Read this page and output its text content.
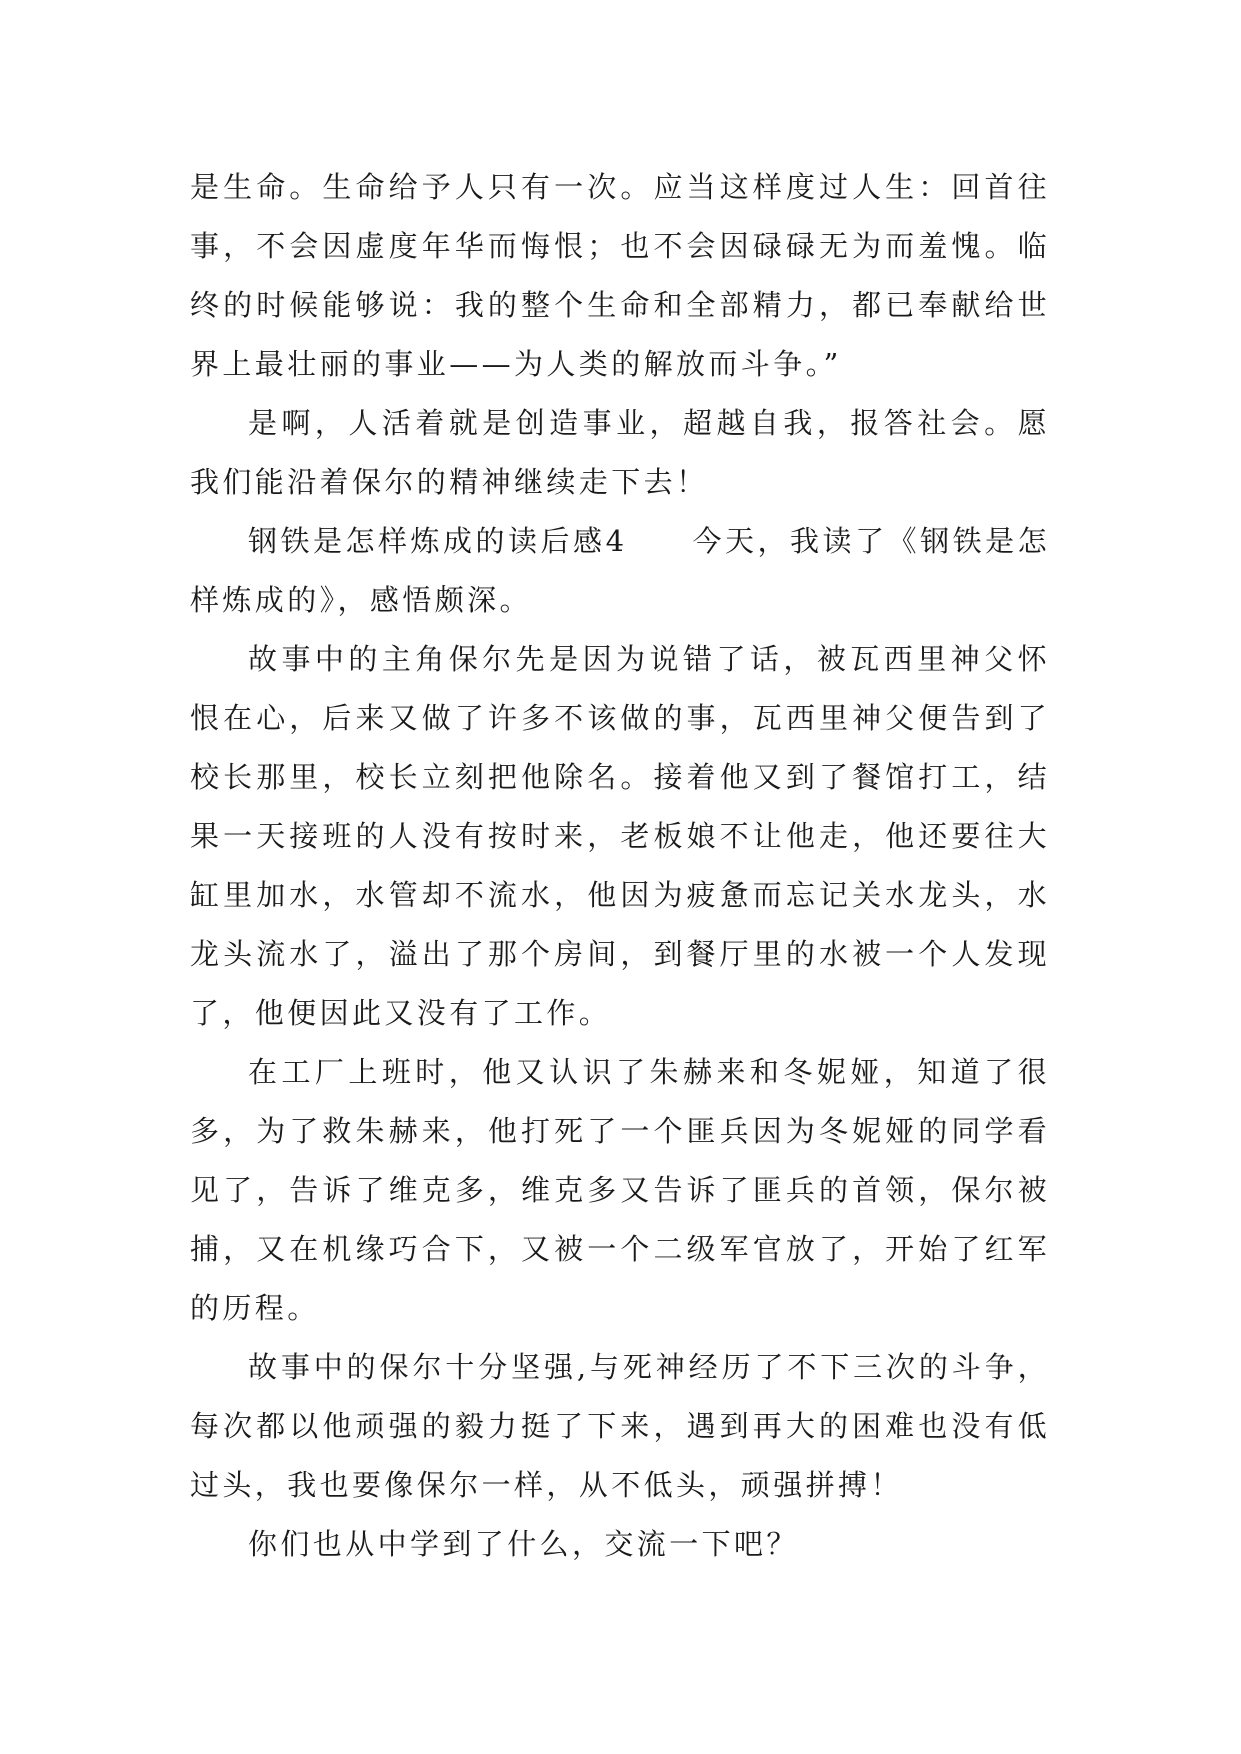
是生命。生命给予人只有一次。应当这样度过人生：回首往事，不会因虚度年华而悔恨；也不会因碌碌无为而羞愧。临终的时候能够说：我的整个生命和全部精力，都已奉献给世界上最壮丽的事业——为人类的解放而斗争。”

是啊，人活着就是创造事业，超越自我，报答社会。愿我们能沿着保尔的精神继续走下去！

钢铁是怎样炼成的读后感4　　今天，我读了《钢铁是怎样炼成的》，感悟颇深。

故事中的主角保尔先是因为说错了话，被瓦西里神父怀恨在心，后来又做了许多不该做的事，瓦西里神父便告到了校长那里，校长立刻把他除名。接着他又到了餐馆打工，结果一天接班的人没有按时来，老板娘不让他走，他还要往大缸里加水，水管却不流水，他因为疲惫而忘记关水龙头，水龙头流水了，溢出了那个房间，到餐厅里的水被一个人发现了，他便因此又没有了工作。

在工厂上班时，他又认识了朱赫来和冬妮娅，知道了很多，为了救朱赫来，他打死了一个匪兵因为冬妮娅的同学看见了，告诉了维克多，维克多又告诉了匪兵的首领，保尔被捕，又在机缘巧合下，又被一个二级军官放了，开始了红军的历程。

故事中的保尔十分坚强,与死神经历了不下三次的斗争，每次都以他顽强的毅力挺了下来，遇到再大的困难也没有低过头，我也要像保尔一样，从不低头，顽强拼搏！

你们也从中学到了什么，交流一下吧？
